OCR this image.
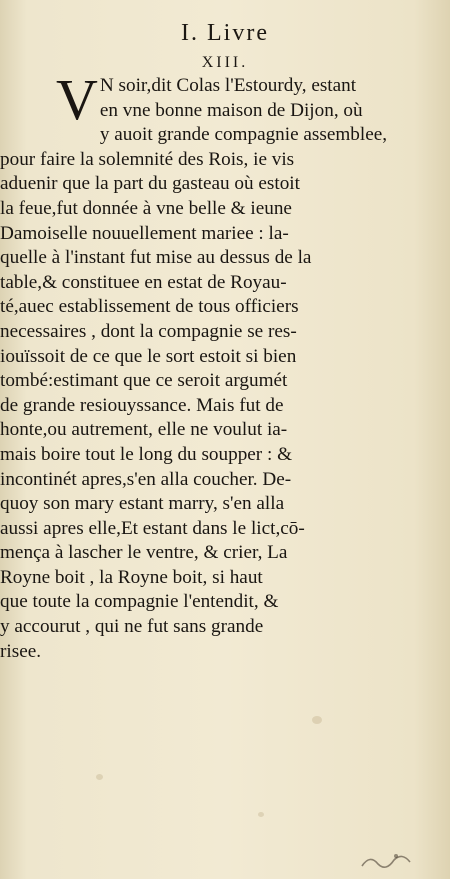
I. Livre
XIII.
V N soir,dit Colas l'Estourdy, estant
en vne bonne maison de Dijon, où
y auoit grande compagnie assemblee,
pour faire la solemnité des Rois, ie vis
aduenir que la part du gasteau où estoit
la feue,fut donnée à vne belle & ieune
Damoiselle nouuellement mariee : la-
quelle à l'instant fut mise au dessus de la
table,& constituee en estat de Royau-
té,auec establissement de tous officiers
necessaires , dont la compagnie se res-
iouïssoit de ce que le sort estoit si bien
tombé:estimant que ce seroit argumét
de grande resiouyssance. Mais fut de
honte,ou autrement, elle ne voulut ia-
mais boire tout le long du soupper : &
incontinét apres,s'en alla coucher. De-
quoy son mary estant marry, s'en alla
aussi apres elle,Et estant dans le lict,cō-
mença à lascher le ventre, & crier, La
Royne boit , la Royne boit, si haut
que toute la compagnie l'entendit, &
y accourut , qui ne fut sans grande
risee.
